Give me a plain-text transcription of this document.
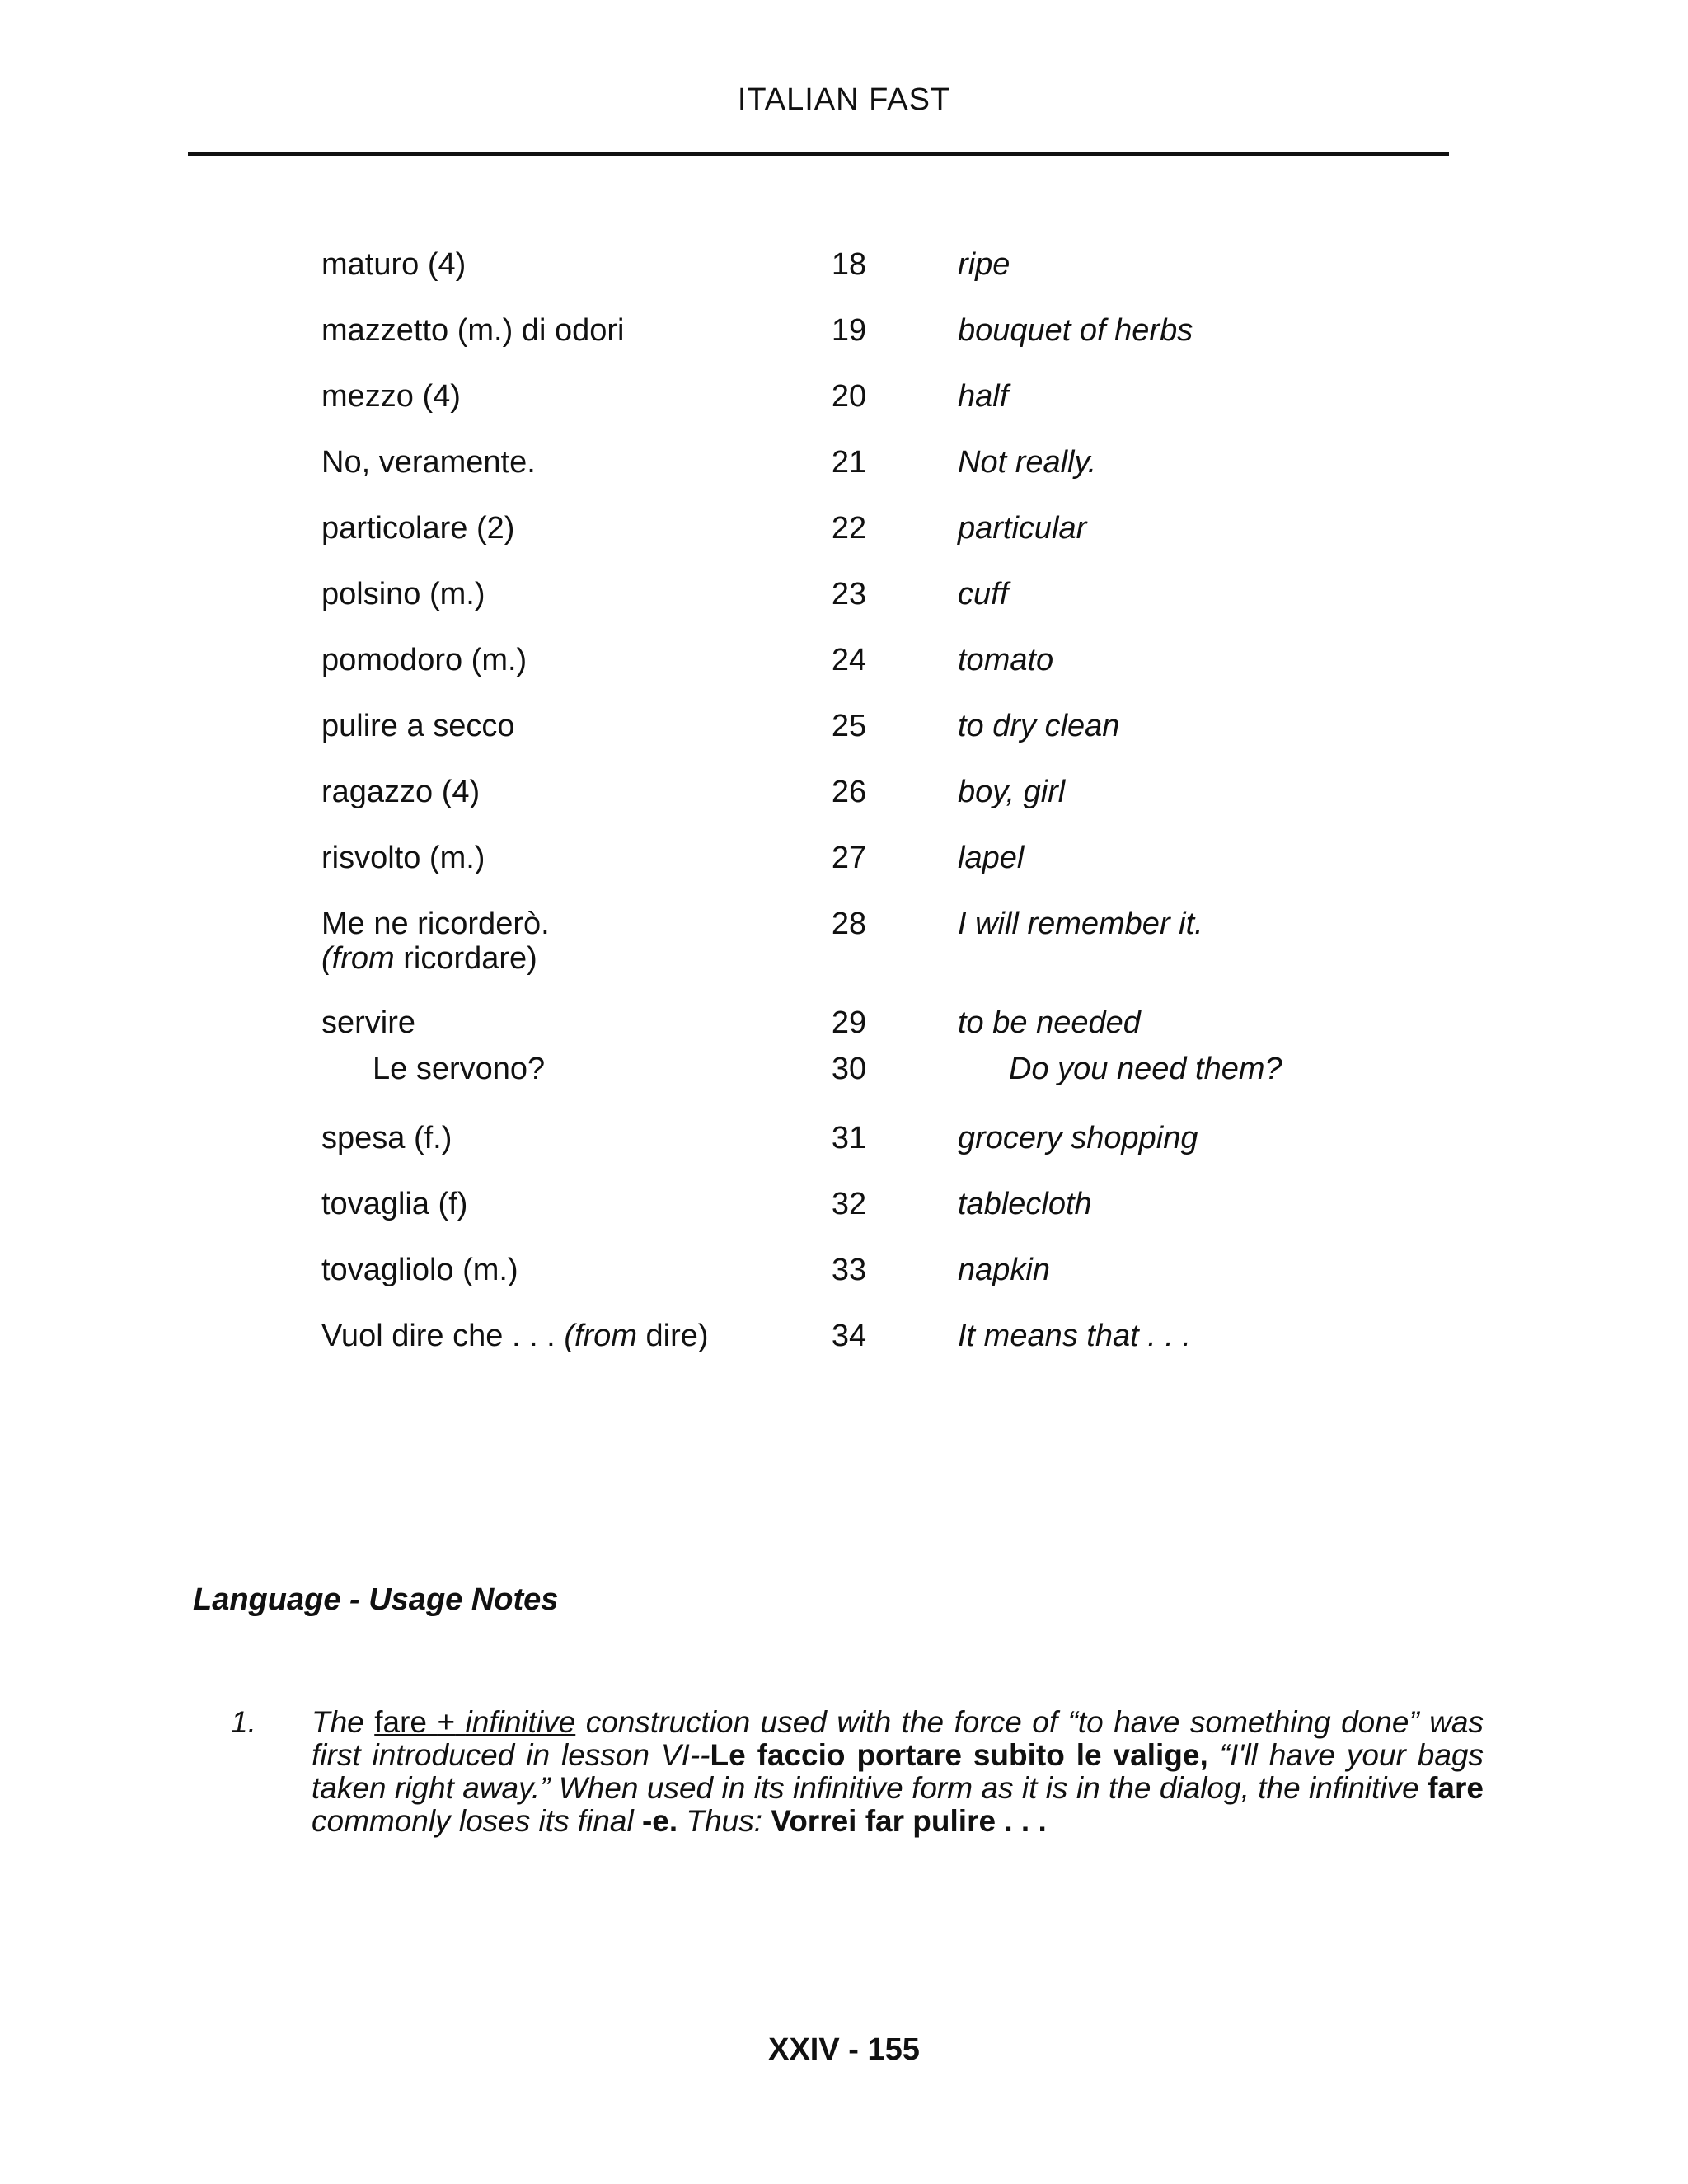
ITALIAN FAST
maturo (4)	18	ripe
mazzetto (m.) di odori	19	bouquet of herbs
mezzo (4)	20	half
No, veramente.	21	Not really.
particolare (2)	22	particular
polsino (m.)	23	cuff
pomodoro (m.)	24	tomato
pulire a secco	25	to dry clean
ragazzo (4)	26	boy, girl
risvolto (m.)	27	lapel
Me ne ricorderò.
(from ricordare)
28	I will remember it.
servire	29	to be needed
Le servono?	30	Do you need them?
spesa (f.)	31	grocery shopping
tovaglia (f)	32	tablecloth
tovagliolo (m.)	33	napkin
Vuol dire che . . . (from dire)	34	It means that . . .
Language - Usage Notes
1. The fare + infinitive construction used with the force of “to have something done” was first introduced in lesson VI--Le faccio portare subito le valige, “I'll have your bags taken right away.” When used in its infinitive form as it is in the dialog, the infinitive fare commonly loses its final -e. Thus: Vorrei far pulire . . .
XXIV - 155
